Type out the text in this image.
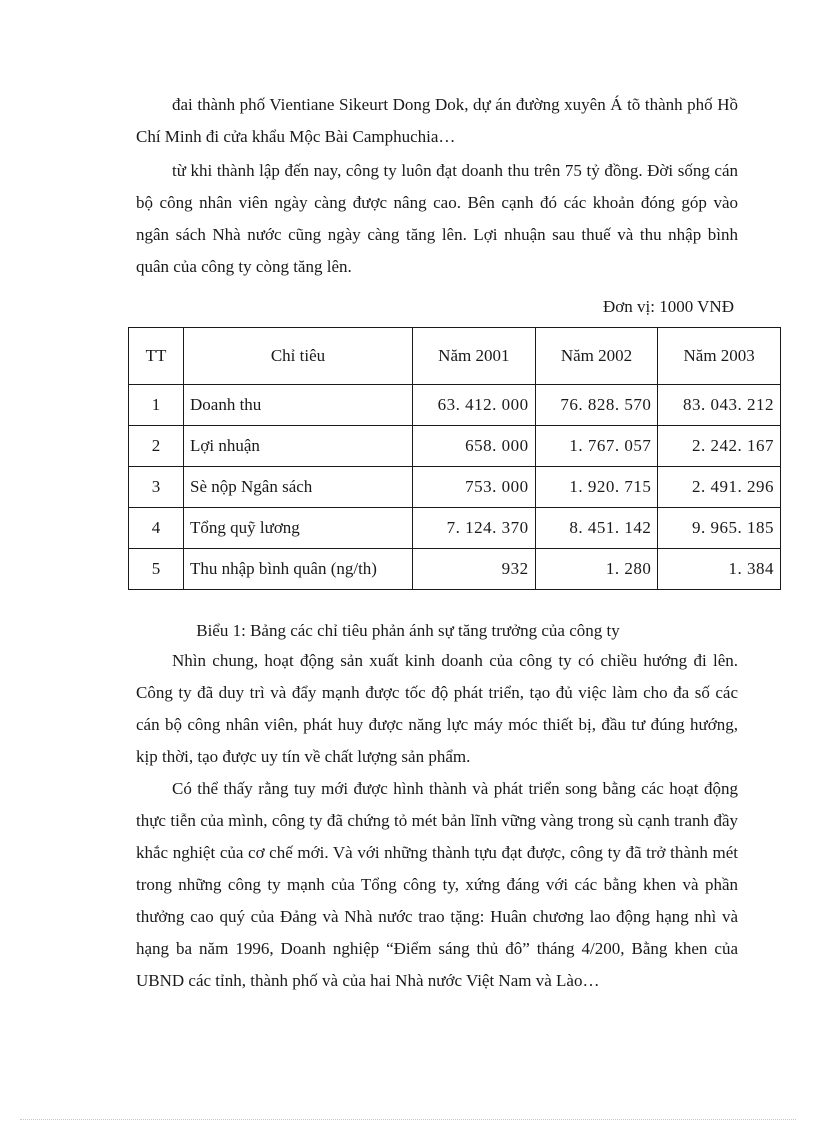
đai thành phố Vientiane Sikeurt Dong Dok, dự án đường xuyên Á tõ thành phố Hồ Chí Minh đi cửa khẩu Mộc Bài Camphuchia…

từ khi thành lập đến nay, công ty luôn đạt doanh thu trên 75 tỷ đồng. Đời sống cán bộ công nhân viên ngày càng được nâng cao. Bên cạnh đó các khoản đóng góp vào ngân sách Nhà nước cũng ngày càng tăng lên. Lợi nhuận sau thuế và thu nhập bình quân của công ty còng tăng lên.

Đơn vị: 1000 VNĐ
TT	Chỉ tiêu	Năm 2001	Năm 2002	Năm 2003
1	Doanh thu	63. 412. 000	76. 828. 570	83. 043. 212
2	Lợi nhuận	658. 000	1. 767. 057	2. 242. 167
3	Sè nộp Ngân sách	753. 000	1. 920. 715	2. 491. 296
4	Tổng quỹ lương	7. 124. 370	8. 451. 142	9. 965. 185
5	Thu nhập bình quân (ng/th)	932	1. 280	1. 384
Biểu 1: Bảng các chỉ tiêu phản ánh sự tăng trưởng của công ty

Nhìn chung, hoạt động sản xuất kinh doanh của công ty có chiều hướng đi lên. Công ty đã duy trì và đẩy mạnh được tốc độ phát triển, tạo đủ việc làm cho đa số các cán bộ công nhân viên, phát huy được năng lực máy móc thiết bị, đầu tư đúng hướng, kịp thời, tạo được uy tín về chất lượng sản phẩm.

Có thể thấy rằng tuy mới được hình thành và phát triển song bằng các hoạt động thực tiễn của mình, công ty đã chứng tỏ mét bản lĩnh vững vàng trong sù cạnh tranh đầy khắc nghiệt của cơ chế mới. Và với những thành tựu đạt được, công ty đã trở thành mét trong những công ty mạnh của Tổng công ty, xứng đáng với các bằng khen và phần thưởng cao quý của Đảng và Nhà nước trao tặng: Huân chương lao động hạng nhì và hạng ba năm 1996, Doanh nghiệp “Điểm sáng thủ đô” tháng 4/200, Bằng khen của UBND các tỉnh, thành phố và của hai Nhà nước Việt Nam và Lào…
